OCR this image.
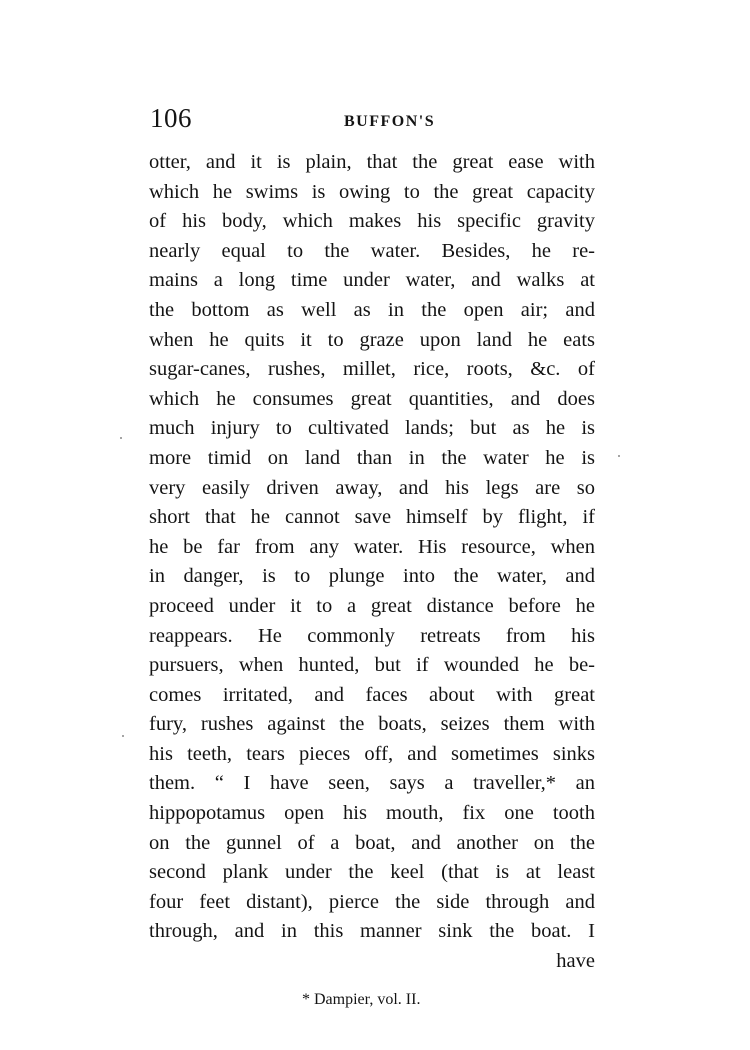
106	BUFFON'S
otter, and it is plain, that the great ease with
which he swims is owing to the great capacity
of his body, which makes his specific gravity
nearly equal to the water. Besides, he re-
mains a long time under water, and walks at
the bottom as well as in the open air; and
when he quits it to graze upon land he eats
sugar-canes, rushes, millet, rice, roots, &c. of
which he consumes great quantities, and does
much injury to cultivated lands; but as he is
more timid on land than in the water he is
very easily driven away, and his legs are so
short that he cannot save himself by flight, if
he be far from any water. His resource, when
in danger, is to plunge into the water, and
proceed under it to a great distance before he
reappears. He commonly retreats from his
pursuers, when hunted, but if wounded he be-
comes irritated, and faces about with great
fury, rushes against the boats, seizes them with
his teeth, tears pieces off, and sometimes sinks
them. “ I have seen, says a traveller,* an
hippopotamus open his mouth, fix one tooth
on the gunnel of a boat, and another on the
second plank under the keel (that is at least
four feet distant), pierce the side through and
through, and in this manner sink the boat. I
have
* Dampier, vol. II.
